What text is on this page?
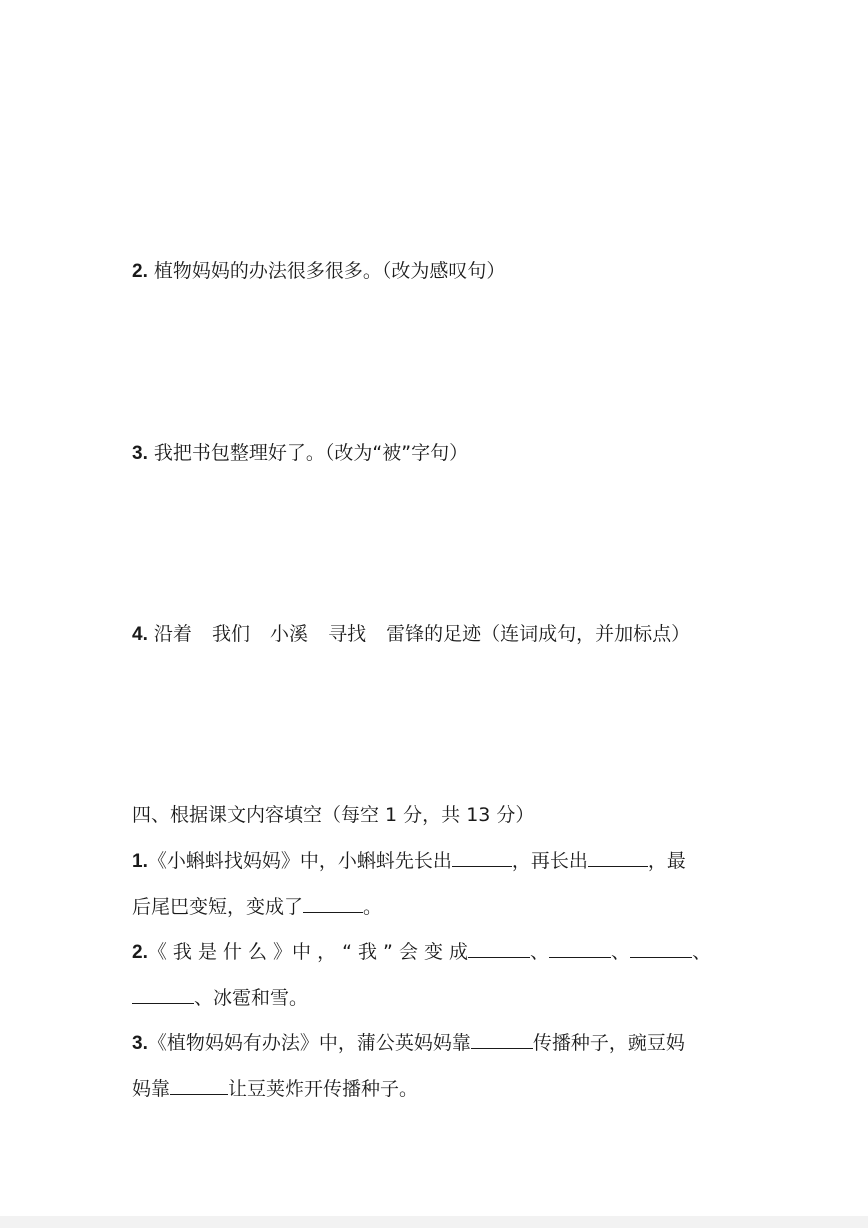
2. 植物妈妈的办法很多很多。（改为感叹句）
3. 我把书包整理好了。（改为“被”字句）
4. 沿着 我们 小溪 寻找 雷锋的足迹（连词成句，并加标点）
四、根据课文内容填空（每空 1 分，共 13 分）
1.《小蝌蚪找妈妈》中，小蝌蚪先长出	，再长出	，最
后尾巴变短，变成了	。
2.《 我 是 什 么 》中 ， “ 我 ” 会 变 成	、	、	、
、冰雹和雪。
3.《植物妈妈有办法》中，蒲公英妈妈靠	传播种子，豌豆妈
妈靠	让豆荚炸开传播种子。
